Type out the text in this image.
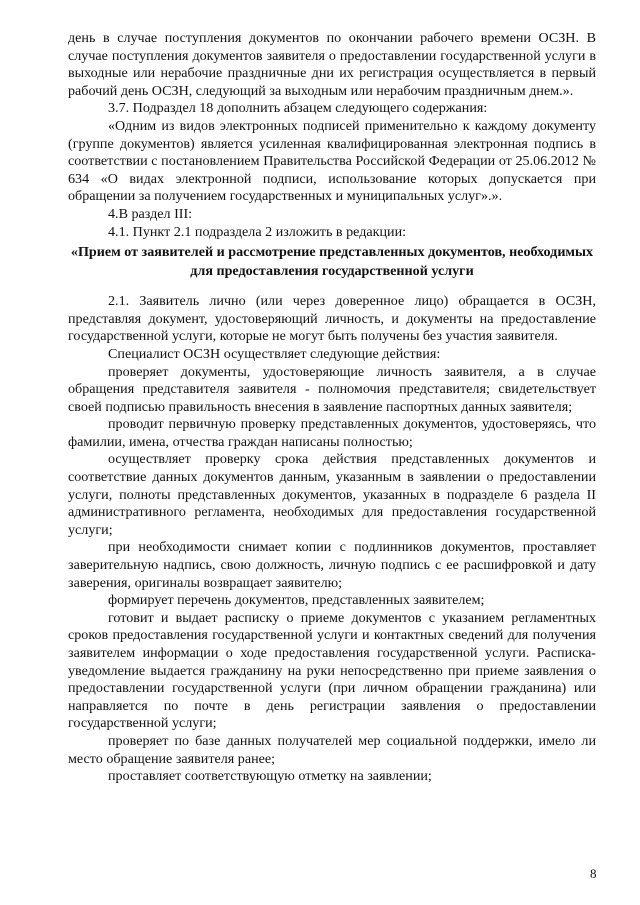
день в случае поступления документов по окончании рабочего времени ОСЗН. В случае поступления документов заявителя о предоставлении государственной услуги в выходные или нерабочие праздничные дни их регистрация осуществляется в первый рабочий день ОСЗН, следующий за выходным или нерабочим праздничным днем.».

3.7. Подраздел 18 дополнить абзацем следующего содержания:

«Одним из видов электронных подписей применительно к каждому документу (группе документов) является усиленная квалифицированная электронная подпись в соответствии с постановлением Правительства Российской Федерации от 25.06.2012 № 634 «О видах электронной подписи, использование которых допускается при обращении за получением государственных и муниципальных услуг».».

4.В раздел III:

4.1. Пункт 2.1 подраздела 2 изложить в редакции:

«Прием от заявителей и рассмотрение представленных документов, необходимых для предоставления государственной услуги

2.1. Заявитель лично (или через доверенное лицо) обращается в ОСЗН, представляя документ, удостоверяющий личность, и документы на предоставление государственной услуги, которые не могут быть получены без участия заявителя.

Специалист ОСЗН осуществляет следующие действия:

проверяет документы, удостоверяющие личность заявителя, а в случае обращения представителя заявителя - полномочия представителя; свидетельствует своей подписью правильность внесения в заявление паспортных данных заявителя;

проводит первичную проверку представленных документов, удостоверяясь, что фамилии, имена, отчества граждан написаны полностью;

осуществляет проверку срока действия представленных документов и соответствие данных документов данным, указанным в заявлении о предоставлении услуги, полноты представленных документов, указанных в подразделе 6 раздела II административного регламента, необходимых для предоставления государственной услуги;

при необходимости снимает копии с подлинников документов, проставляет заверительную надпись, свою должность, личную подпись с ее расшифровкой и дату заверения, оригиналы возвращает заявителю;

формирует перечень документов, представленных заявителем;

готовит и выдает расписку о приеме документов с указанием регламентных сроков предоставления государственной услуги и контактных сведений для получения заявителем информации о ходе предоставления государственной услуги. Расписка-уведомление выдается гражданину на руки непосредственно при приеме заявления о предоставлении государственной услуги (при личном обращении гражданина) или направляется по почте в день регистрации заявления о предоставлении государственной услуги;

проверяет по базе данных получателей мер социальной поддержки, имело ли место обращение заявителя ранее;

проставляет соответствующую отметку на заявлении;

8
